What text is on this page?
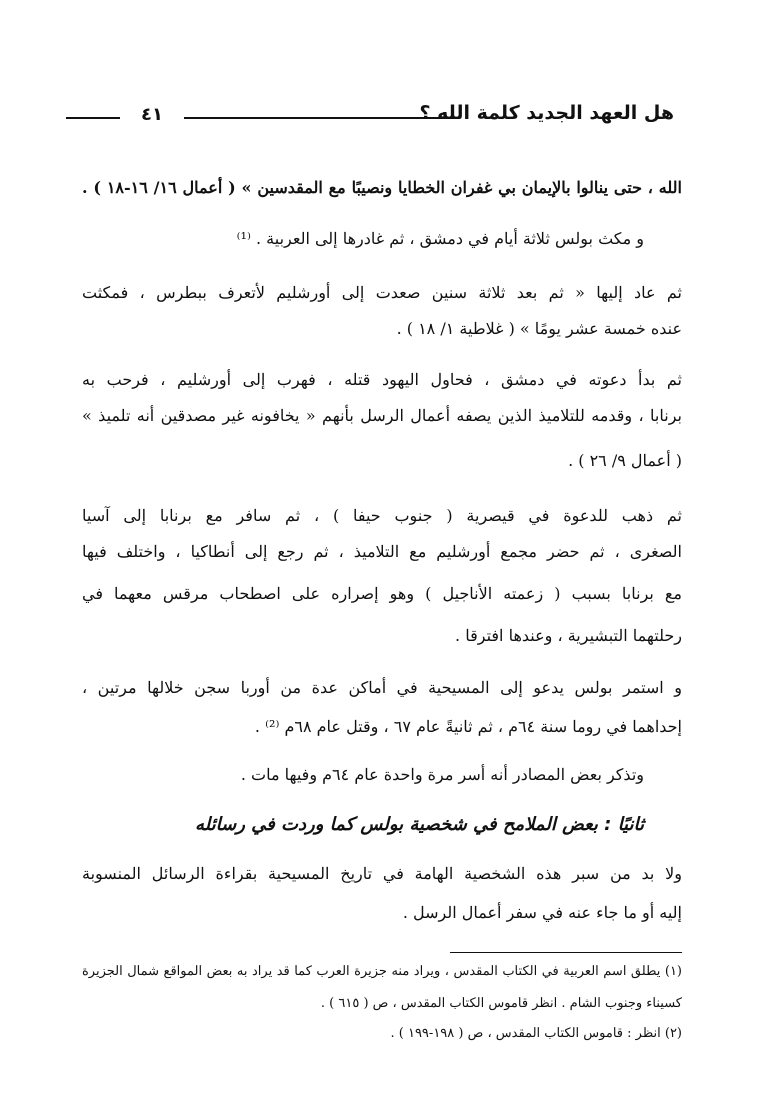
هل العهد الجديد كلمة الله ؟
٤١
الله ، حتى ينالوا بالإيمان بي غفران الخطايا ونصيبًا مع المقدسين » ( أعمال ١٦/ ١٦-١٨ ) .
و مكث بولس ثلاثة أيام في دمشق ، ثم غادرها إلى العربية . ⁽¹⁾
ثم عاد إليها « ثم بعد ثلاثة سنين صعدت إلى أورشليم لأتعرف ببطرس ، فمكثت
عنده خمسة عشر يومًا » ( غلاطية ١/ ١٨ ) .
ثم بدأ دعوته في دمشق ، فحاول اليهود قتله ، فهرب إلى أورشليم ، فرحب به
برنابا ، وقدمه للتلاميذ الذين يصفه أعمال الرسل بأنهم « يخافونه غير مصدقين أنه تلميذ »
( أعمال ٩/ ٢٦ ) .
ثم ذهب للدعوة في قيصرية ( جنوب حيفا ) ، ثم سافر مع برنابا إلى آسيا
الصغرى ، ثم حضر مجمع أورشليم مع التلاميذ ، ثم رجع إلى أنطاكيا ، واختلف فيها
مع برنابا بسبب ( زعمته الأناجيل ) وهو إصراره على اصطحاب مرقس معهما في
رحلتهما التبشيرية ، وعندها افترقا .
و استمر بولس يدعو إلى المسيحية في أماكن عدة من أوربا سجن خلالها مرتين ،
إحداهما في روما سنة ٦٤م ، ثم ثانيةً عام ٦٧ ، وقتل عام ٦٨م ⁽²⁾ .
وتذكر بعض المصادر أنه أسر مرة واحدة عام ٦٤م وفيها مات .
ثانيًا : بعض الملامح في شخصية بولس كما وردت في رسائله
ولا بد من سبر هذه الشخصية الهامة في تاريخ المسيحية بقراءة الرسائل المنسوبة
إليه أو ما جاء عنه في سفر أعمال الرسل .
(١) يطلق اسم العربية في الكتاب المقدس ، ويراد منه جزيرة العرب كما قد يراد به بعض المواقع شمال الجزيرة
كسيناء وجنوب الشام . انظر قاموس الكتاب المقدس ، ص ( ٦١٥ ) .
(٢) انظر : قاموس الكتاب المقدس ، ص ( ١٩٨-١٩٩ ) .
